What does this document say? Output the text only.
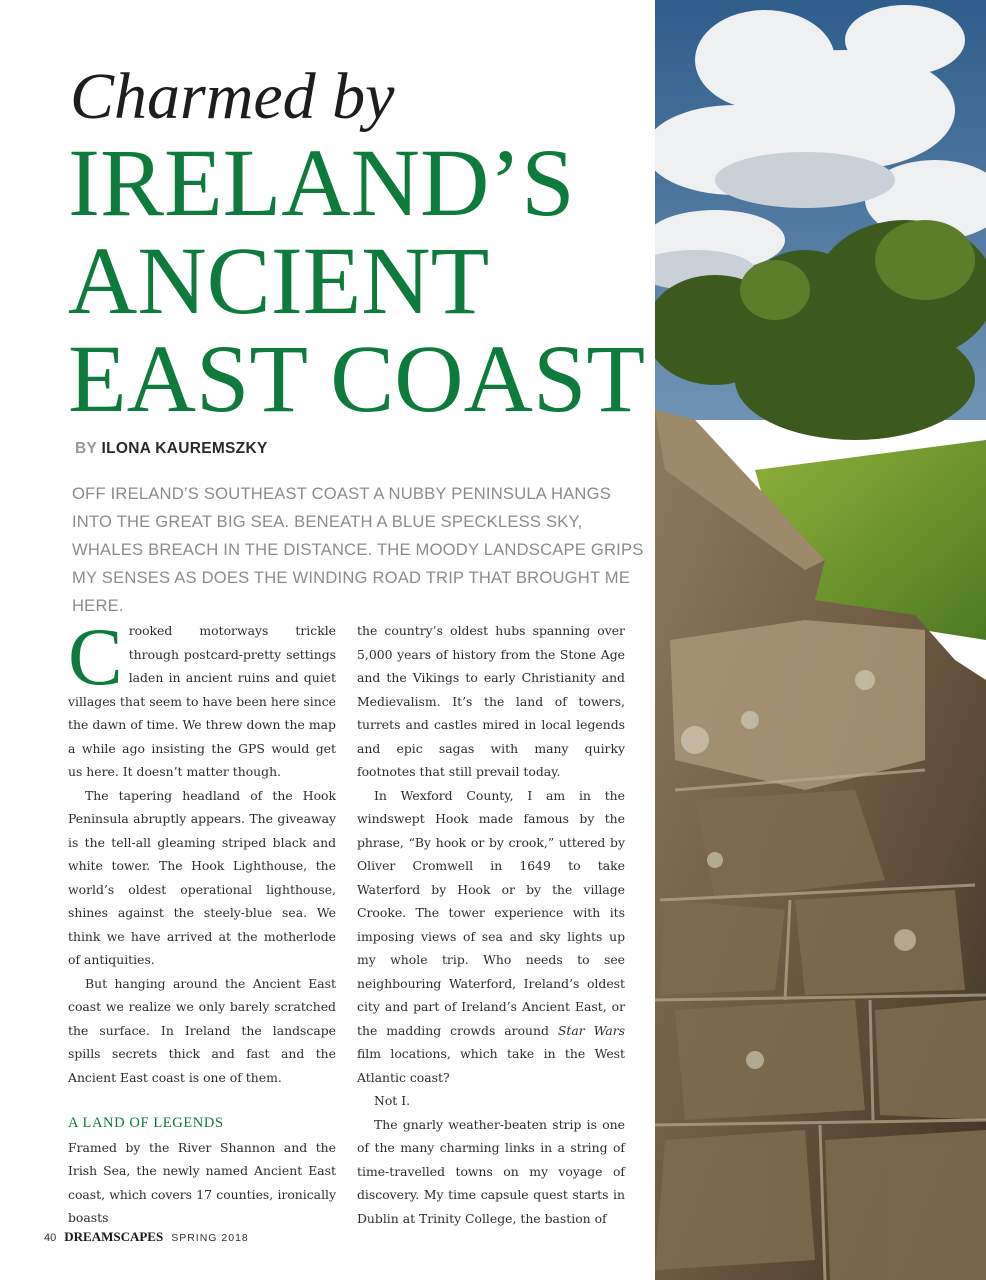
Charmed by
IRELAND’S
ANCIENT
EAST COAST
BY ILONA KAUREMSZKY
OFF IRELAND’S SOUTHEAST COAST A NUBBY PENINSULA HANGS INTO THE GREAT BIG SEA. BENEATH A BLUE SPECKLESS SKY, WHALES BREACH IN THE DISTANCE. THE MOODY LANDSCAPE GRIPS MY SENSES AS DOES THE WINDING ROAD TRIP THAT BROUGHT ME HERE.

Crooked motorways trickle through postcard-pretty settings laden in ancient ruins and quiet villages that seem to have been here since the dawn of time. We threw down the map a while ago insisting the GPS would get us here. It doesn’t matter though.

The tapering headland of the Hook Peninsula abruptly appears. The giveaway is the tell-all gleaming striped black and white tower. The Hook Lighthouse, the world’s oldest operational lighthouse, shines against the steely-blue sea. We think we have arrived at the motherlode of antiquities.

But hanging around the Ancient East coast we realize we only barely scratched the surface. In Ireland the landscape spills secrets thick and fast and the Ancient East coast is one of them.

A LAND OF LEGENDS

Framed by the River Shannon and the Irish Sea, the newly named Ancient East coast, which covers 17 counties, ironically boasts

the country’s oldest hubs spanning over 5,000 years of history from the Stone Age and the Vikings to early Christianity and Medievalism. It’s the land of towers, turrets and castles mired in local legends and epic sagas with many quirky footnotes that still prevail today.

In Wexford County, I am in the windswept Hook made famous by the phrase, “By hook or by crook,” uttered by Oliver Cromwell in 1649 to take Waterford by Hook or by the village Crooke. The tower experience with its imposing views of sea and sky lights up my whole trip. Who needs to see neighbouring Waterford, Ireland’s oldest city and part of Ireland’s Ancient East, or the madding crowds around Star Wars film locations, which take in the West Atlantic coast?

Not I.

The gnarly weather-beaten strip is one of the many charming links in a string of time-travelled towns on my voyage of discovery. My time capsule quest starts in Dublin at Trinity College, the bastion of

40 DREAMSCAPES SPRING 2018
